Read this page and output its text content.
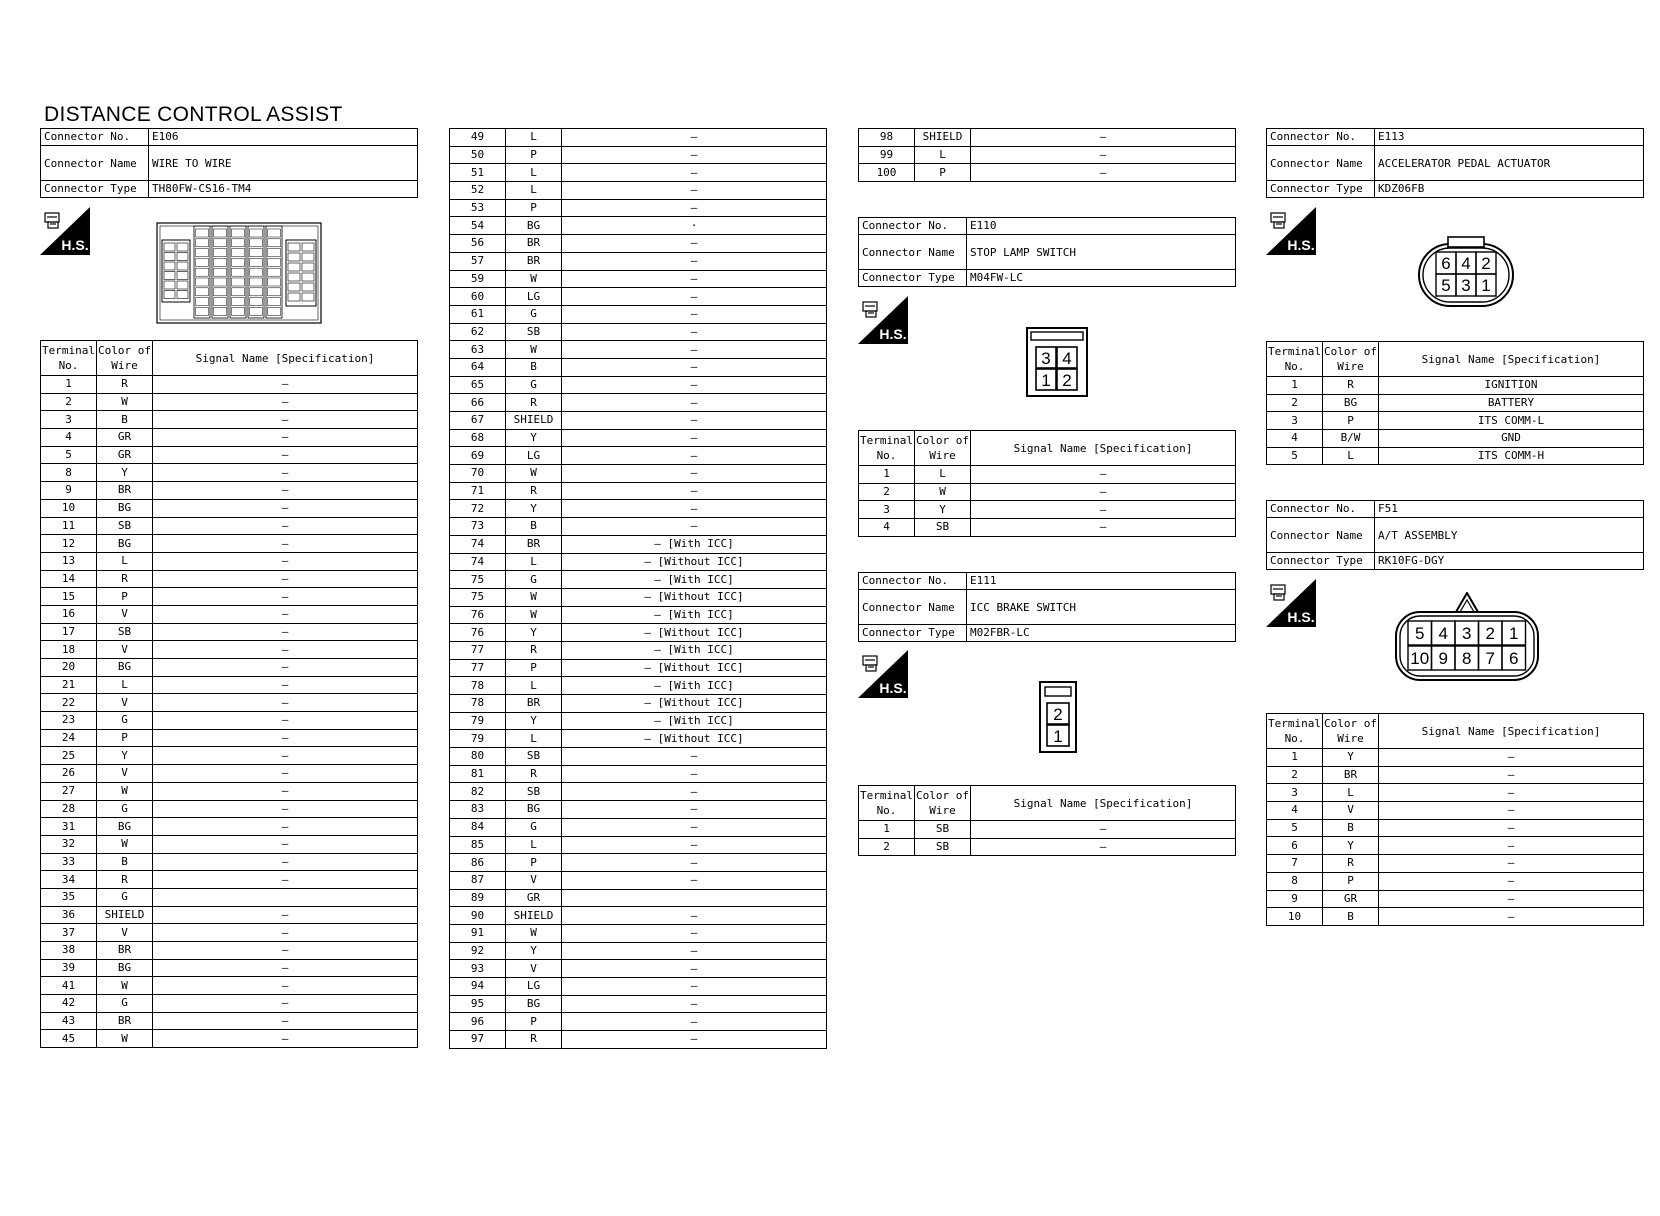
DISTANCE CONTROL ASSIST
Connector No.	E106
Connector Name	WIRE TO WIRE
Connector Type	TH80FW-CS16-TM4
H.S.
Terminal No.	Color of Wire	Signal Name [Specification]
1	R	–
2	W	–
3	B	–
4	GR	–
5	GR	–
8	Y	–
9	BR	–
10	BG	–
11	SB	–
12	BG	–
13	L	–
14	R	–
15	P	–
16	V	–
17	SB	–
18	V	–
20	BG	–
21	L	–
22	V	–
23	G	–
24	P	–
25	Y	–
26	V	–
27	W	–
28	G	–
31	BG	–
32	W	–
33	B	–
34	R	–
35	G	
36	SHIELD	–
37	V	–
38	BR	–
39	BG	–
41	W	–
42	G	–
43	BR	–
45	W	–
49	L	–
50	P	–
51	L	–
52	L	–
53	P	–
54	BG	·
56	BR	–
57	BR	–
59	W	–
60	LG	–
61	G	–
62	SB	–
63	W	–
64	B	–
65	G	–
66	R	–
67	SHIELD	–
68	Y	–
69	LG	–
70	W	–
71	R	–
72	Y	–
73	B	–
74	BR	– [With ICC]
74	L	– [Without ICC]
75	G	– [With ICC]
75	W	– [Without ICC]
76	W	– [With ICC]
76	Y	– [Without ICC]
77	R	– [With ICC]
77	P	– [Without ICC]
78	L	– [With ICC]
78	BR	– [Without ICC]
79	Y	– [With ICC]
79	L	– [Without ICC]
80	SB	–
81	R	–
82	SB	–
83	BG	–
84	G	–
85	L	–
86	P	–
87	V	–
89	GR	
90	SHIELD	–
91	W	–
92	Y	–
93	V	–
94	LG	–
95	BG	–
96	P	–
97	R	–
98	SHIELD	–
99	L	–
100	P	–
Connector No.	E110
Connector Name	STOP LAMP SWITCH
Connector Type	M04FW-LC
H.S.
3 4
1 2
Terminal No.	Color of Wire	Signal Name [Specification]
1	L	–
2	W	–
3	Y	–
4	SB	–
Connector No.	E111
Connector Name	ICC BRAKE SWITCH
Connector Type	M02FBR-LC
H.S.
2
1
Terminal No.	Color of Wire	Signal Name [Specification]
1	SB	–
2	SB	–
Connector No.	E113
Connector Name	ACCELERATOR PEDAL ACTUATOR
Connector Type	KDZ06FB
H.S.
6 4 2
5 3 1
Terminal No.	Color of Wire	Signal Name [Specification]
1	R	IGNITION
2	BG	BATTERY
3	P	ITS COMM-L
4	B/W	GND
5	L	ITS COMM-H
Connector No.	F51
Connector Name	A/T ASSEMBLY
Connector Type	RK10FG-DGY
H.S.
5 4 3 2 1
10 9 8 7 6
Terminal No.	Color of Wire	Signal Name [Specification]
1	Y	–
2	BR	–
3	L	–
4	V	–
5	B	–
6	Y	–
7	R	–
8	P	–
9	GR	–
10	B	–
